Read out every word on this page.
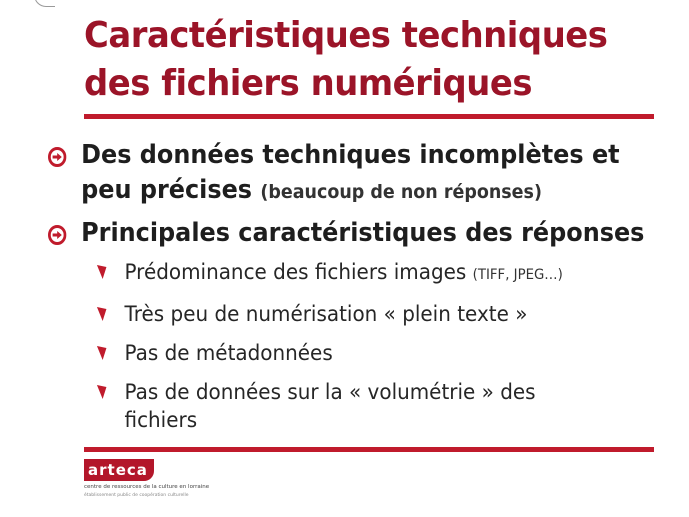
Caractéristiques techniques
des fichiers numériques
Des données techniques incomplètes et
peu précises (beaucoup de non réponses)
Principales caractéristiques des réponses
Prédominance des fichiers images (TIFF, JPEG…)
Très peu de numérisation « plein texte »
Pas de métadonnées
Pas de données sur la « volumétrie » des
fichiers
arteca
centre de ressources de la culture en lorraine
établissement public de coopération culturelle
